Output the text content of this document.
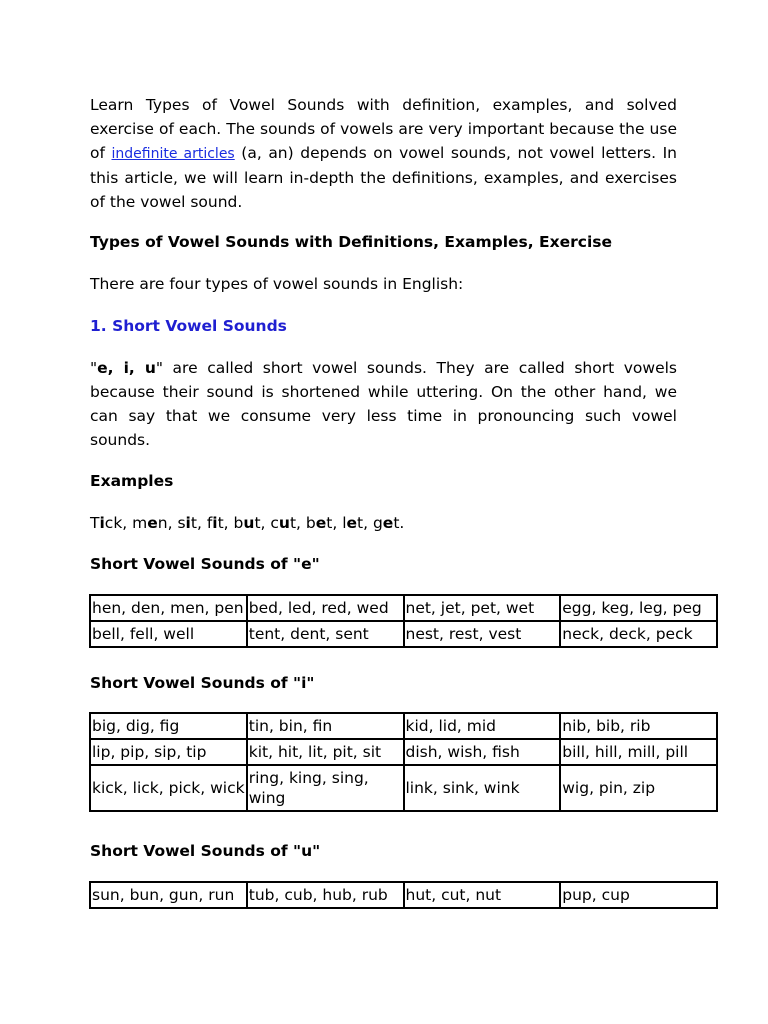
Learn Types of Vowel Sounds with definition, examples, and solved exercise of each. The sounds of vowels are very important because the use of indefinite articles (a, an) depends on vowel sounds, not vowel letters. In this article, we will learn in-depth the definitions, examples, and exercises of the vowel sound.

Types of Vowel Sounds with Definitions, Examples, Exercise
There are four types of vowel sounds in English:
1. Short Vowel Sounds

"e, i, u" are called short vowel sounds. They are called short vowels because their sound is shortened while uttering. On the other hand, we can say that we consume very less time in pronouncing such vowel sounds.

Examples
Tick, men, sit, fit, but, cut, bet, let, get.
Short Vowel Sounds of "e"
hen, den, men, pen	bed, led, red, wed	net, jet, pet, wet	egg, keg, leg, peg
bell, fell, well	tent, dent, sent	nest, rest, vest	neck, deck, peck
Short Vowel Sounds of "i"
big, dig, fig	tin, bin, fin	kid, lid, mid	nib, bib, rib
lip, pip, sip, tip	kit, hit, lit, pit, sit	dish, wish, fish	bill, hill, mill, pill
kick, lick, pick, wick	ring, king, sing, wing	link, sink, wink	wig, pin, zip
Short Vowel Sounds of "u"
sun, bun, gun, run	tub, cub, hub, rub	hut, cut, nut	pup, cup
